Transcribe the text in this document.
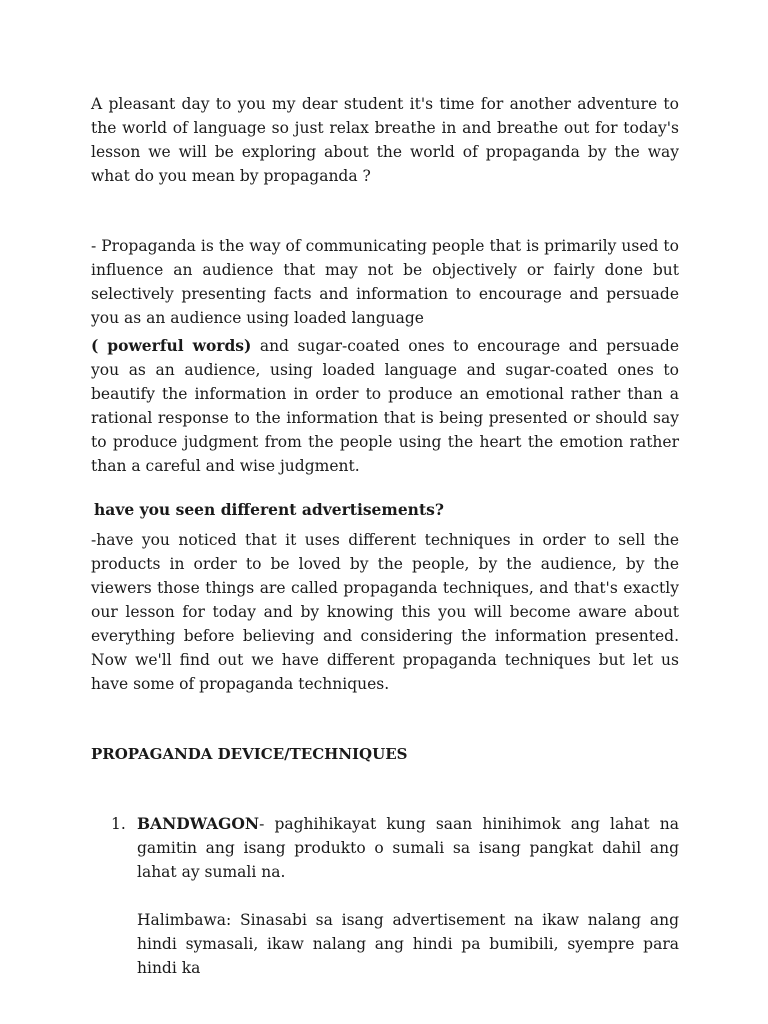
A pleasant day to you my dear student it's time for another adventure to the world of language so just relax breathe in and breathe out for today's lesson we will be exploring about the world of propaganda by the way what do you mean by propaganda ?

- Propaganda is the way of communicating people that is primarily used to influence an audience that may not be objectively or fairly done but selectively presenting facts and information to encourage and persuade you as an audience using loaded language

( powerful words) and sugar-coated ones to encourage and persuade you as an audience, using loaded language and sugar-coated ones to beautify the information in order to produce an emotional rather than a rational response to the information that is being presented or should say to produce judgment from the people using the heart the emotion rather than a careful and wise judgment.

have you seen different advertisements?

-have you noticed that it uses different techniques in order to sell the products in order to be loved by the people, by the audience, by the viewers those things are called propaganda techniques, and that's exactly our lesson for today and by knowing this you will become aware about everything before believing and considering the information presented. Now we'll find out we have different propaganda techniques but let us have some of propaganda techniques.

PROPAGANDA DEVICE/TECHNIQUES

1. BANDWAGON- paghihikayat kung saan hinihimok ang lahat na gamitin ang isang produkto o sumali sa isang pangkat dahil ang lahat ay sumali na.

Halimbawa: Sinasabi sa isang advertisement na ikaw nalang ang hindi symasali, ikaw nalang ang hindi pa bumibili, syempre para hindi ka
